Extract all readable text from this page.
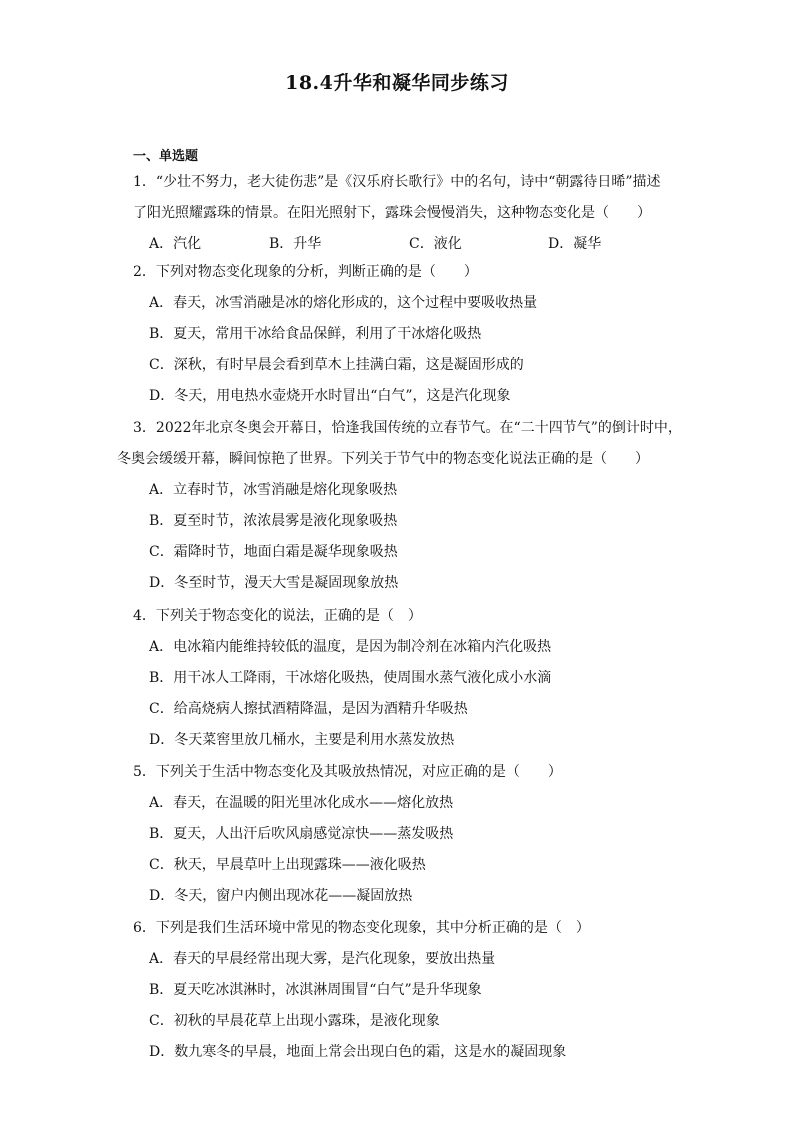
18.4升华和凝华同步练习
一、单选题

1．“少壮不努力，老大徒伤悲”是《汉乐府长歌行》中的名句，诗中“朝露待日晞”描述

了阳光照耀露珠的情景。在阳光照射下，露珠会慢慢消失，这种物态变化是（　　）

A．汽化	B．升华	C．液化	D．凝华

2．下列对物态变化现象的分析，判断正确的是（　　）

A．春天，冰雪消融是冰的熔化形成的，这个过程中要吸收热量
B．夏天，常用干冰给食品保鲜，利用了干冰熔化吸热
C．深秋，有时早晨会看到草木上挂满白霜，这是凝固形成的
D．冬天，用电热水壶烧开水时冒出“白气”，这是汽化现象

3．2022年北京冬奥会开幕日，恰逢我国传统的立春节气。在“二十四节气”的倒计时中，

冬奥会缓缓开幕，瞬间惊艳了世界。下列关于节气中的物态变化说法正确的是（　　）

A．立春时节，冰雪消融是熔化现象吸热
B．夏至时节，浓浓晨雾是液化现象吸热
C．霜降时节，地面白霜是凝华现象吸热
D．冬至时节，漫天大雪是凝固现象放热

4．下列关于物态变化的说法，正确的是（　）

A．电冰箱内能维持较低的温度，是因为制冷剂在冰箱内汽化吸热
B．用干冰人工降雨，干冰熔化吸热，使周围水蒸气液化成小水滴
C．给高烧病人擦拭酒精降温，是因为酒精升华吸热
D．冬天菜窖里放几桶水，主要是利用水蒸发放热

5．下列关于生活中物态变化及其吸放热情况，对应正确的是（　　）

A．春天，在温暖的阳光里冰化成水——熔化放热
B．夏天，人出汗后吹风扇感觉凉快——蒸发吸热
C．秋天，早晨草叶上出现露珠——液化吸热
D．冬天，窗户内侧出现冰花——凝固放热

6．下列是我们生活环境中常见的物态变化现象，其中分析正确的是（　）

A．春天的早晨经常出现大雾，是汽化现象，要放出热量
B．夏天吃冰淇淋时，冰淇淋周围冒“白气”是升华现象
C．初秋的早晨花草上出现小露珠，是液化现象
D．数九寒冬的早晨，地面上常会出现白色的霜，这是水的凝固现象
